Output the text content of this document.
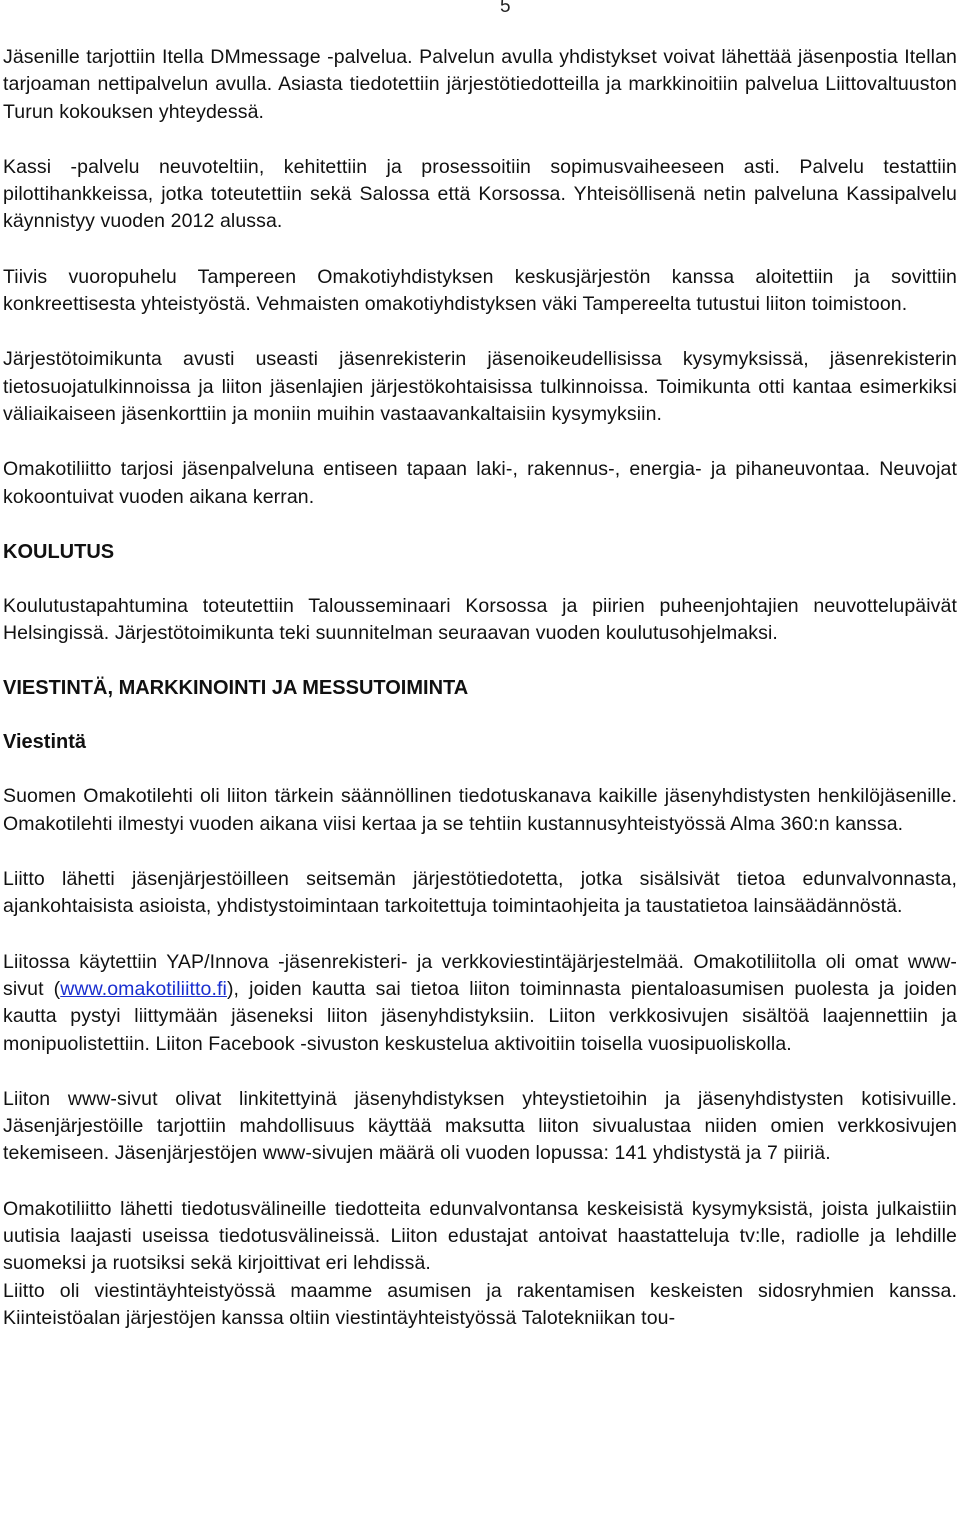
5

Jäsenille tarjottiin Itella DMmessage -palvelua. Palvelun avulla yhdistykset voivat lähettää jäsenpostia Itellan tarjoaman nettipalvelun avulla. Asiasta tiedotettiin järjestötiedotteilla ja markkinoitiin palvelua Liittovaltuuston Turun kokouksen yhteydessä.

Kassi -palvelu neuvoteltiin, kehitettiin ja prosessoitiin sopimusvaiheeseen asti. Palvelu testattiin pilottihankkeissa, jotka toteutettiin sekä Salossa että Korsossa. Yhteisöllisenä netin palveluna Kassipalvelu käynnistyy vuoden 2012 alussa.

Tiivis vuoropuhelu Tampereen Omakotiyhdistyksen keskusjärjestön kanssa aloitettiin ja sovittiin konkreettisesta yhteistyöstä. Vehmaisten omakotiyhdistyksen väki Tampereelta tutustui liiton toimistoon.

Järjestötoimikunta avusti useasti jäsenrekisterin jäsenoikeudellisissa kysymyksissä, jäsenrekisterin tietosuojatulkinnoissa ja liiton jäsenlajien järjestökohtaisissa tulkinnoissa. Toimikunta otti kantaa esimerkiksi väliaikaiseen jäsenkorttiin ja moniin muihin vastaavankaltaisiin kysymyksiin.

Omakotiliitto tarjosi jäsenpalveluna entiseen tapaan laki-, rakennus-, energia- ja pihaneuvontaa. Neuvojat kokoontuivat vuoden aikana kerran.

KOULUTUS

Koulutustapahtumina toteutettiin Talousseminaari Korsossa ja piirien puheenjohtajien neuvottelupäivät Helsingissä. Järjestötoimikunta teki suunnitelman seuraavan vuoden koulutusohjelmaksi.

VIESTINTÄ, MARKKINOINTI JA MESSUTOIMINTA
Viestintä

Suomen Omakotilehti oli liiton tärkein säännöllinen tiedotuskanava kaikille jäsenyhdistysten henkilöjäsenille. Omakotilehti ilmestyi vuoden aikana viisi kertaa ja se tehtiin kustannusyhteistyössä Alma 360:n kanssa.

Liitto lähetti jäsenjärjestöilleen seitsemän järjestötiedotetta, jotka sisälsivät tietoa edunvalvonnasta, ajankohtaisista asioista, yhdistystoimintaan tarkoitettuja toimintaohjeita ja taustatietoa lainsäädännöstä.

Liitossa käytettiin YAP/Innova -jäsenrekisteri- ja verkkoviestintäjärjestelmää. Omakotiliitolla oli omat www-sivut (www.omakotiliitto.fi), joiden kautta sai tietoa liiton toiminnasta pientaloasumisen puolesta ja joiden kautta pystyi liittymään jäseneksi liiton jäsenyhdistyksiin. Liiton verkkosivujen sisältöä laajennettiin ja monipuolistettiin. Liiton Facebook -sivuston keskustelua aktivoitiin toisella vuosipuoliskolla.

Liiton www-sivut olivat linkitettyinä jäsenyhdistyksen yhteystietoihin ja jäsenyhdistysten kotisivuille. Jäsenjärjestöille tarjottiin mahdollisuus käyttää maksutta liiton sivualustaa niiden omien verkkosivujen tekemiseen. Jäsenjärjestöjen www-sivujen määrä oli vuoden lopussa: 141 yhdistystä ja 7 piiriä.

Omakotiliitto lähetti tiedotusvälineille tiedotteita edunvalvontansa keskeisistä kysymyksistä, joista julkaistiin uutisia laajasti useissa tiedotusvälineissä. Liiton edustajat antoivat haastatteluja tv:lle, radiolle ja lehdille suomeksi ja ruotsiksi sekä kirjoittivat eri lehdissä.

Liitto oli viestintäyhteistyössä maamme asumisen ja rakentamisen keskeisten sidosryhmien kanssa. Kiinteistöalan järjestöjen kanssa oltiin viestintäyhteistyössä Talotekniikan tou-
